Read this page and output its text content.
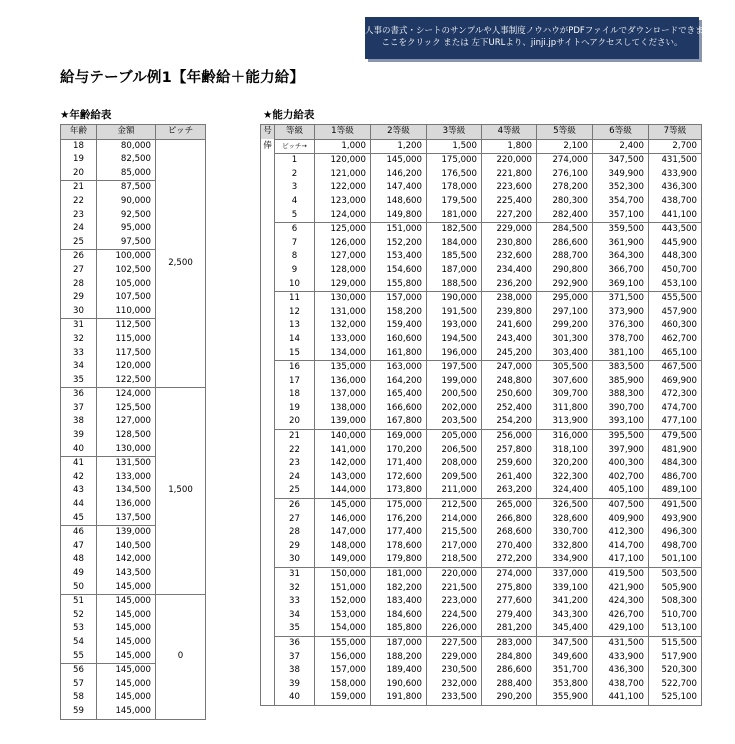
人事の書式・シートのサンプルや人事制度ノウハウがPDFファイルでダウンロードできます。
ここをクリック または 左下URLより、jinji.jpサイトへアクセスしてください。
給与テーブル例1【年齢給＋能力給】
★年齢給表	★能力給表
年齢	金額	ピッチ
18	80,000	2,500
19	82,500	
20	85,000	
21	87,500	
22	90,000	
23	92,500	
24	95,000	
25	97,500	
26	100,000	
27	102,500	
28	105,000	
29	107,500	
30	110,000	
31	112,500	
32	115,000	
33	117,500	
34	120,000	
35	122,500	
36	124,000	1,500
37	125,500	
38	127,000	
39	128,500	
40	130,000	
41	131,500	
42	133,000	
43	134,500	
44	136,000	
45	137,500	
46	139,000	
47	140,500	
48	142,000	
49	143,500	
50	145,000	
51	145,000	0
52	145,000	
53	145,000	
54	145,000	
55	145,000	
56	145,000	
57	145,000	
58	145,000	
59	145,000	
号	等級	1等級	2等級	3等級	4等級	5等級	6等級	7等級
俸	ピッチ→	1,000	1,200	1,500	1,800	2,100	2,400	2,700
	1	120,000	145,000	175,000	220,000	274,000	347,500	431,500
	2	121,000	146,200	176,500	221,800	276,100	349,900	433,900
	3	122,000	147,400	178,000	223,600	278,200	352,300	436,300
	4	123,000	148,600	179,500	225,400	280,300	354,700	438,700
	5	124,000	149,800	181,000	227,200	282,400	357,100	441,100
	6	125,000	151,000	182,500	229,000	284,500	359,500	443,500
	7	126,000	152,200	184,000	230,800	286,600	361,900	445,900
	8	127,000	153,400	185,500	232,600	288,700	364,300	448,300
	9	128,000	154,600	187,000	234,400	290,800	366,700	450,700
	10	129,000	155,800	188,500	236,200	292,900	369,100	453,100
	11	130,000	157,000	190,000	238,000	295,000	371,500	455,500
	12	131,000	158,200	191,500	239,800	297,100	373,900	457,900
	13	132,000	159,400	193,000	241,600	299,200	376,300	460,300
	14	133,000	160,600	194,500	243,400	301,300	378,700	462,700
	15	134,000	161,800	196,000	245,200	303,400	381,100	465,100
	16	135,000	163,000	197,500	247,000	305,500	383,500	467,500
	17	136,000	164,200	199,000	248,800	307,600	385,900	469,900
	18	137,000	165,400	200,500	250,600	309,700	388,300	472,300
	19	138,000	166,600	202,000	252,400	311,800	390,700	474,700
	20	139,000	167,800	203,500	254,200	313,900	393,100	477,100
	21	140,000	169,000	205,000	256,000	316,000	395,500	479,500
	22	141,000	170,200	206,500	257,800	318,100	397,900	481,900
	23	142,000	171,400	208,000	259,600	320,200	400,300	484,300
	24	143,000	172,600	209,500	261,400	322,300	402,700	486,700
	25	144,000	173,800	211,000	263,200	324,400	405,100	489,100
	26	145,000	175,000	212,500	265,000	326,500	407,500	491,500
	27	146,000	176,200	214,000	266,800	328,600	409,900	493,900
	28	147,000	177,400	215,500	268,600	330,700	412,300	496,300
	29	148,000	178,600	217,000	270,400	332,800	414,700	498,700
	30	149,000	179,800	218,500	272,200	334,900	417,100	501,100
	31	150,000	181,000	220,000	274,000	337,000	419,500	503,500
	32	151,000	182,200	221,500	275,800	339,100	421,900	505,900
	33	152,000	183,400	223,000	277,600	341,200	424,300	508,300
	34	153,000	184,600	224,500	279,400	343,300	426,700	510,700
	35	154,000	185,800	226,000	281,200	345,400	429,100	513,100
	36	155,000	187,000	227,500	283,000	347,500	431,500	515,500
	37	156,000	188,200	229,000	284,800	349,600	433,900	517,900
	38	157,000	189,400	230,500	286,600	351,700	436,300	520,300
	39	158,000	190,600	232,000	288,400	353,800	438,700	522,700
	40	159,000	191,800	233,500	290,200	355,900	441,100	525,100
